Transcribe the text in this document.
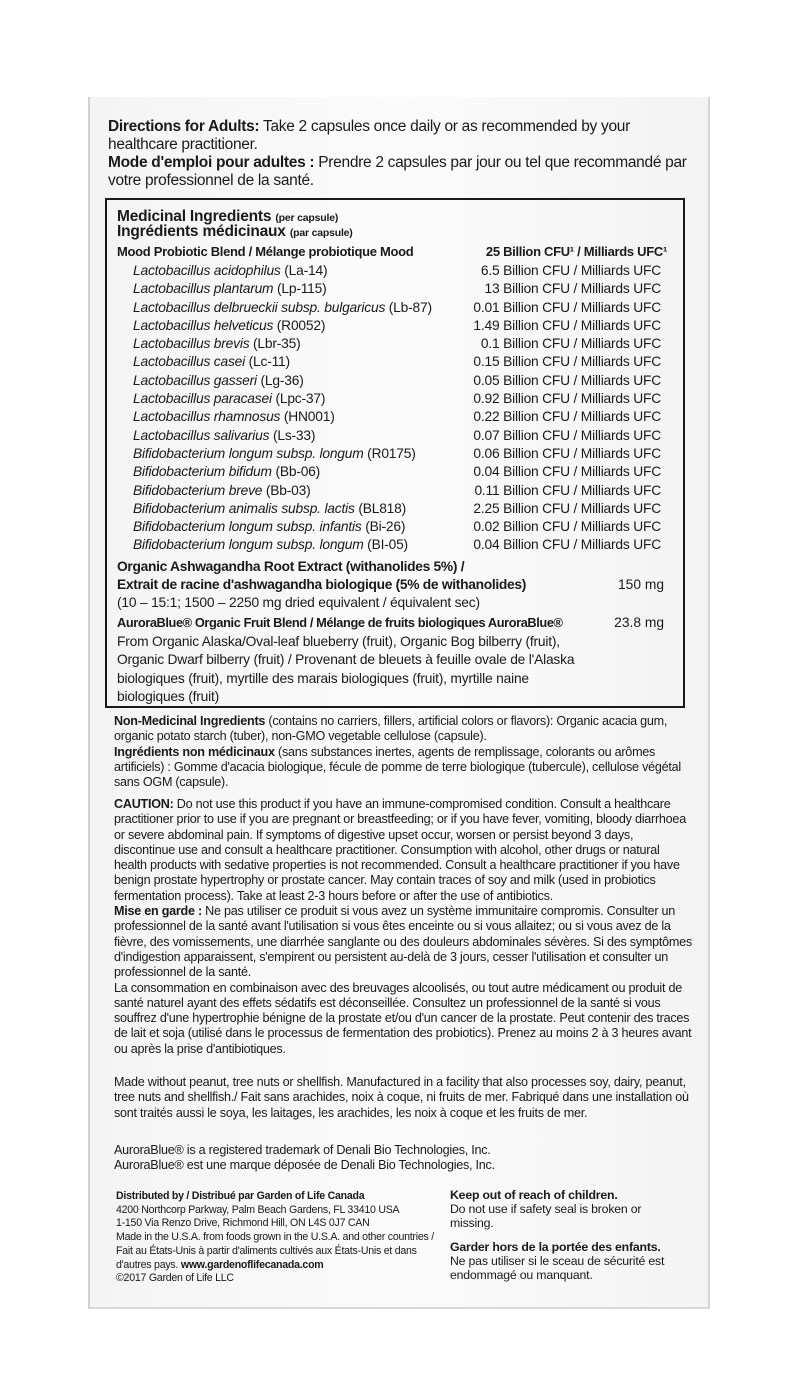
Directions for Adults: Take 2 capsules once daily or as recommended by your healthcare practitioner.

Mode d'emploi pour adultes : Prendre 2 capsules par jour ou tel que recommandé par votre professionnel de la santé.

Medicinal Ingredients (per capsule)
Ingrédients médicinaux (par capsule)
Mood Probiotic Blend / Mélange probiotique Mood	25 Billion CFU¹ / Milliards UFC¹
Lactobacillus acidophilus (La-14)	6.5 Billion CFU / Milliards UFC
Lactobacillus plantarum (Lp-115)	13 Billion CFU / Milliards UFC
Lactobacillus delbrueckii subsp. bulgaricus (Lb-87)	0.01 Billion CFU / Milliards UFC
Lactobacillus helveticus (R0052)	1.49 Billion CFU / Milliards UFC
Lactobacillus brevis (Lbr-35)	0.1 Billion CFU / Milliards UFC
Lactobacillus casei (Lc-11)	0.15 Billion CFU / Milliards UFC
Lactobacillus gasseri (Lg-36)	0.05 Billion CFU / Milliards UFC
Lactobacillus paracasei (Lpc-37)	0.92 Billion CFU / Milliards UFC
Lactobacillus rhamnosus (HN001)	0.22 Billion CFU / Milliards UFC
Lactobacillus salivarius (Ls-33)	0.07 Billion CFU / Milliards UFC
Bifidobacterium longum subsp. longum (R0175)	0.06 Billion CFU / Milliards UFC
Bifidobacterium bifidum (Bb-06)	0.04 Billion CFU / Milliards UFC
Bifidobacterium breve (Bb-03)	0.11 Billion CFU / Milliards UFC
Bifidobacterium animalis subsp. lactis (BL818)	2.25 Billion CFU / Milliards UFC
Bifidobacterium longum subsp. infantis (Bi-26)	0.02 Billion CFU / Milliards UFC
Bifidobacterium longum subsp. longum (BI-05)	0.04 Billion CFU / Milliards UFC
Organic Ashwagandha Root Extract (withanolides 5%) /
Extrait de racine d'ashwagandha biologique (5% de withanolides)	150 mg
(10 – 15:1; 1500 – 2250 mg dried equivalent / équivalent sec)
AuroraBlue® Organic Fruit Blend / Mélange de fruits biologiques AuroraBlue®	23.8 mg
From Organic Alaska/Oval-leaf blueberry (fruit), Organic Bog bilberry (fruit), Organic Dwarf bilberry (fruit) / Provenant de bleuets à feuille ovale de l'Alaska biologiques (fruit), myrtille des marais biologiques (fruit), myrtille naine biologiques (fruit)

Non-Medicinal Ingredients (contains no carriers, fillers, artificial colors or flavors): Organic acacia gum, organic potato starch (tuber), non-GMO vegetable cellulose (capsule).

Ingrédients non médicinaux (sans substances inertes, agents de remplissage, colorants ou arômes artificiels) : Gomme d'acacia biologique, fécule de pomme de terre biologique (tubercule), cellulose végétal sans OGM (capsule).

CAUTION: Do not use this product if you have an immune-compromised condition. Consult a healthcare practitioner prior to use if you are pregnant or breastfeeding; or if you have fever, vomiting, bloody diarrhoea or severe abdominal pain. If symptoms of digestive upset occur, worsen or persist beyond 3 days, discontinue use and consult a healthcare practitioner. Consumption with alcohol, other drugs or natural health products with sedative properties is not recommended. Consult a healthcare practitioner if you have benign prostate hypertrophy or prostate cancer. May contain traces of soy and milk (used in probiotics fermentation process). Take at least 2-3 hours before or after the use of antibiotics.

Mise en garde : Ne pas utiliser ce produit si vous avez un système immunitaire compromis. Consulter un professionnel de la santé avant l'utilisation si vous êtes enceinte ou si vous allaitez; ou si vous avez de la fièvre, des vomissements, une diarrhée sanglante ou des douleurs abdominales sévères. Si des symptômes d'indigestion apparaissent, s'empirent ou persistent au-delà de 3 jours, cesser l'utilisation et consulter un professionnel de la santé.

La consommation en combinaison avec des breuvages alcoolisés, ou tout autre médicament ou produit de santé naturel ayant des effets sédatifs est déconseillée. Consultez un professionnel de la santé si vous souffrez d'une hypertrophie bénigne de la prostate et/ou d'un cancer de la prostate. Peut contenir des traces de lait et soja (utilisé dans le processus de fermentation des probiotics). Prenez au moins 2 à 3 heures avant ou après la prise d'antibiotiques.

Made without peanut, tree nuts or shellfish. Manufactured in a facility that also processes soy, dairy, peanut, tree nuts and shellfish./ Fait sans arachides, noix à coque, ni fruits de mer. Fabriqué dans une installation où sont traités aussi le soya, les laitages, les arachides, les noix à coque et les fruits de mer.

AuroraBlue® is a registered trademark of Denali Bio Technologies, Inc.

AuroraBlue® est une marque déposée de Denali Bio Technologies, Inc.

Distributed by / Distribué par Garden of Life Canada

4200 Northcorp Parkway, Palm Beach Gardens, FL 33410 USA

1-150 Via Renzo Drive, Richmond Hill, ON L4S 0J7 CAN

Made in the U.S.A. from foods grown in the U.S.A. and other countries / Fait au États-Unis à partir d'aliments cultivés aux États-Unis et dans d'autres pays. www.gardenoflifecanada.com

©2017 Garden of Life LLC

Keep out of reach of children.

Do not use if safety seal is broken or missing.

Garder hors de la portée des enfants.

Ne pas utiliser si le sceau de sécurité est endommagé ou manquant.
